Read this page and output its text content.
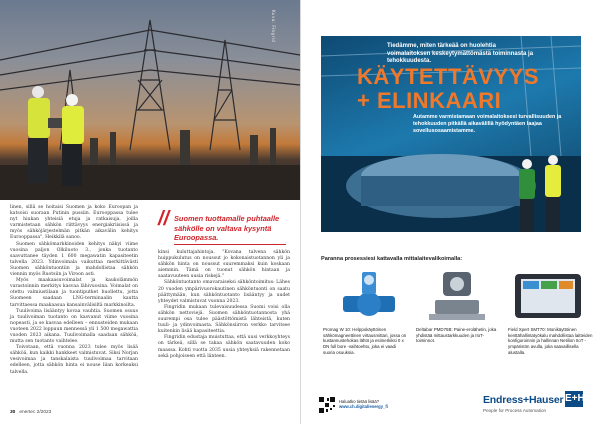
Kuva: Fingrid

linen, sillä se hoitaisi Suomen ja koko Euroopan ja katsoisi suoraan Putinin pussiin. Eurooppassa tulee nyt hiukan yhteisiä etuja ja ratkaisuja, joilla varmistetaan sähkön riittävyys energiakriisissä ja myös sähköjärjestelmän pitkän aikavälin kehitys Eurooppassa", Heikkilä sanoo.

Suomen sähkömarkkinoiden kehitys näkyi viime vuosina paljon Olkiluoto 3., jonka tuotanto saavuttanee täyden 1 600 megawatin kapasiteetin talvella 2023. Ydinvoimala vaikuttaa merkittävästi Suomen sähköntuontiin ja mahdollistaa sähkön viennin myös Ruotsiin ja Viroon asti.

Myös maakaasuvoimalat ja kaukolämmön varastoinnin merkitys kasvaa lähivuosina. Voimalat on otettu valmiustilaan ja tuontiputket huollettu, jotta Suomeen saadaan LNG-terminaalin kautta tarvittaessa maakaasua kansainvälisiltä markkinoilta.

Tuulivoima lisääntyy kovaa vauhtia. Suomen osuus ja tuulivoiman tuotanto on kasvanut viime vuosina nopeasti, ja se kasvaa edelleen – ennusteiden mukaan vuoteen 2022 loppuun mennessä yli 1 500 megawattia vuoden 2023 aikana. Tuulivoimalla saadaan sähköä, mutta sen tuotanto vaihtelee.

Toivotaan, että vuonna 2023 tulee myös lisää sähköä, kun kaikki hankkeet valmistuvat. Siksi Norjan vesivoimaa ja tanskalaista tuulivoimaa tarvitaan edelleen, jotta sähkön hinta ei nouse liian korkeaksi talvella.

// Suomen tuottamalle puhtaalle sähkölle on valtava kysyntä Euroopassa.

kinsi kuluttajahintoja. "Kovana talvena sähkön huippukulutus on noussut jo kokonaistuotannon yli ja sähkön hinta on noussut suuremmaksi kuin koskaan aiemmin. Tämä on tuonut sähkön hintaan ja saatavuuteen uusia riskejä."

Sähköntuotanto omavaraiseksi sähköntoimitus: Lähes 20 vuoden ympärivuorokautinen sähköntuonti on saatu päättymään, kun sähköntuotanto lisääntyy ja uudet yhteydet valmistuvat vuonna 2023.

Fingridin mukaan tulevaisuudessa Suomi voisi olla sähkön nettoviejä. Suomen sähköntuotannosta yhä suurempi osa tulee päästöttömistä lähteistä, kuten tuuli- ja ydinvoimasta. Sähkönsiirron verkko tarvitsee kuitenkin lisää kapasiteettia.

Fingridin edustaja muistuttaa, että uusi verkkoyhteys on tärkeä, sillä se takaa sähkön saatavuuden koko maassa. Kohti vuotta 2035 uusia yhteyksiä rakennetaan sekä pohjoiseen että länteen.

30 enertec 2/2023
Tiedämme, miten tärkeää on huolehtia voimalaitoksen keskeytymättömästä toiminnasta ja tehokkuudesta.
KÄYTETTÄVYYS
+ ELINKAARI
Autamme varmistamaan voimalaitoksesi turvallisuuden ja tehokkuuden pitkällä aikavälillä hyödyntäen laajaa sovellusosaamistamme.
Paranna prosessiesi kattavalla mittalaitevalikoimalla:
Promag W 10: Helppokäyttöinen sähkömagneettinen virtausmittari, jossa on kustannustehokas lähtö ja esimerkiksi 0 x DN full bore -vaihtoehto, joka ei vaadi suoria osuuksia.
Deltabar PMD75B: Paine-erolähetin, joka yhdistää mittaustarkkuuden ja IIoT-toiminnot.
Field Xpert SMT70: Monikäyttöinen kenttähallintatyökalu mahdollistaa laitteiden konfiguroinnin ja hallinnan Netilion IIoT -ympäristön avulla, joka saavaillisella alustalla.
Haluatko tietää lisää?
www.ch.digital/energy_fi
Endress+Hauser E+H
People for Process Automation
